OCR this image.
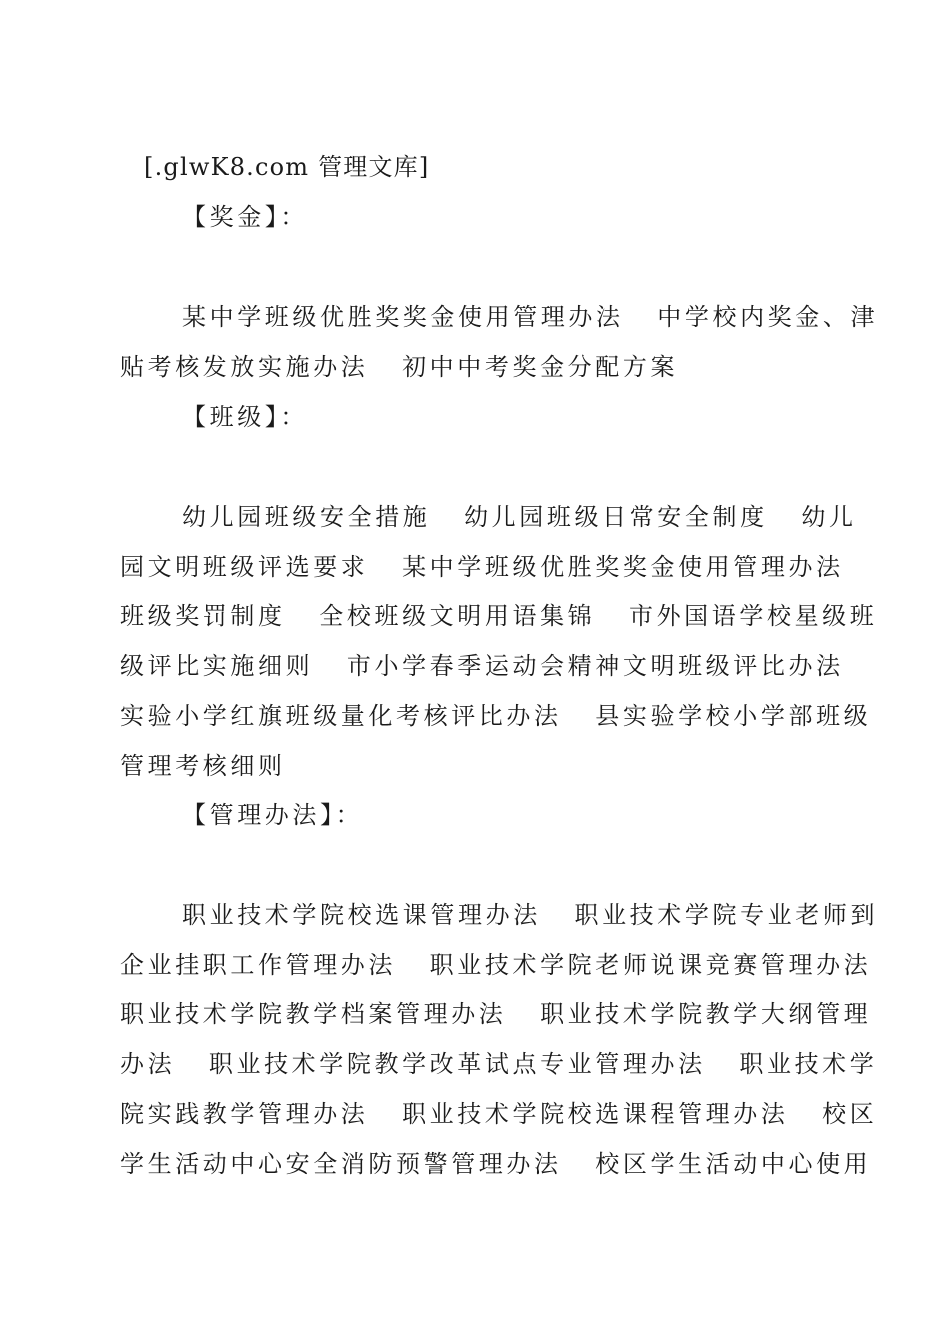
[.glwK8.com 管理文库]
【奖金】：
某中学班级优胜奖奖金使用管理办法   中学校内奖金、津
贴考核发放实施办法   初中中考奖金分配方案
【班级】：
幼儿园班级安全措施   幼儿园班级日常安全制度   幼儿
园文明班级评选要求   某中学班级优胜奖奖金使用管理办法
班级奖罚制度   全校班级文明用语集锦   市外国语学校星级班
级评比实施细则   市小学春季运动会精神文明班级评比办法
实验小学红旗班级量化考核评比办法   县实验学校小学部班级
管理考核细则
【管理办法】：
职业技术学院校选课管理办法   职业技术学院专业老师到
企业挂职工作管理办法   职业技术学院老师说课竞赛管理办法
职业技术学院教学档案管理办法   职业技术学院教学大纲管理
办法   职业技术学院教学改革试点专业管理办法   职业技术学
院实践教学管理办法   职业技术学院校选课程管理办法   校区
学生活动中心安全消防预警管理办法   校区学生活动中心使用
